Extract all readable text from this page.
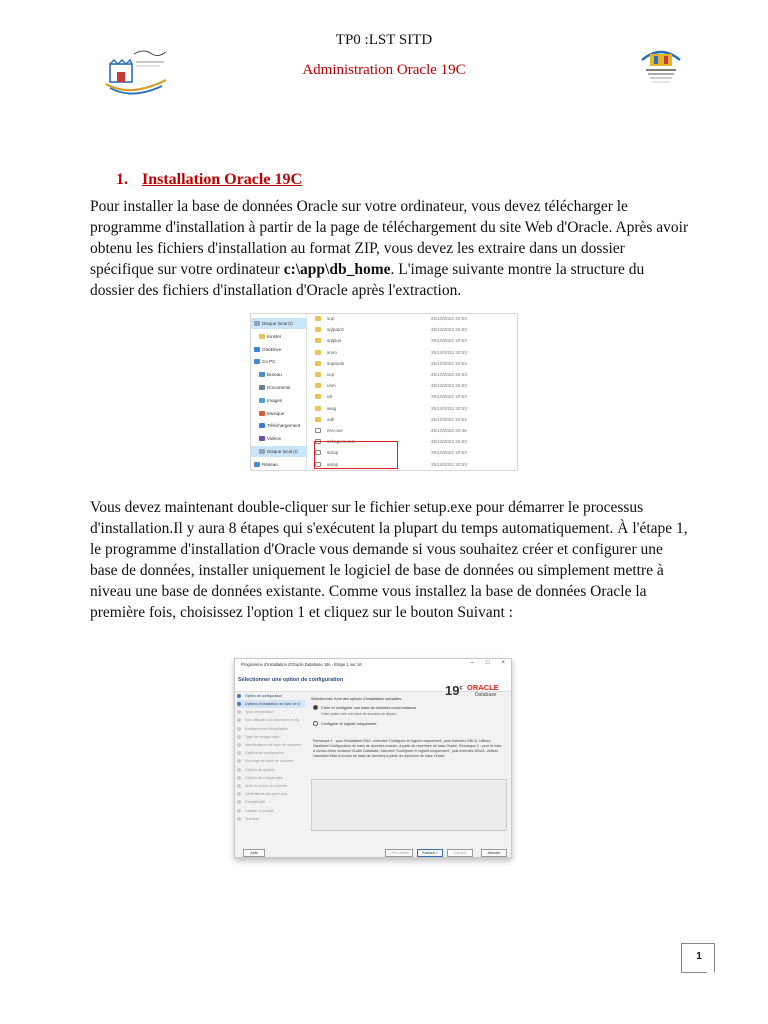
TP0 :LST SITD
Administration Oracle 19C
1. Installation Oracle 19C

Pour installer la base de données Oracle sur votre ordinateur, vous devez télécharger le programme d'installation à partir de la page de téléchargement du site Web d'Oracle. Après avoir obtenu les fichiers d'installation au format ZIP, vous devez les extraire dans un dossier spécifique sur votre ordinateur c:\app\db_home. L'image suivante montre la structure du dossier des fichiers d'installation d'Oracle après l'extraction.

Disque local (C
Kinster
OneDrive
Ce PC
Bureau
Documents
Images
Musique
Téléchargement
Vidéos
Disque local (C
Réseau
sup	25/10/2022 20:53
sqlpatch	25/10/2022 20:53
sqlplus	25/10/2022 20:53
srvm	25/10/2022 20:53
suptools	25/10/2022 20:53
ucp	25/10/2022 20:53
usm	25/10/2022 20:53
utl	25/10/2022 20:53
wwg	25/10/2022 20:53
xdk	25/10/2022 20:54
env.ove	25/10/2022 20:46
schagent.com	25/10/2022 20:53
setup	25/10/2022 20:53
setup	25/10/2022 20:53

Vous devez maintenant double-cliquer sur le fichier setup.exe pour démarrer le processus d'installation.Il y aura 8 étapes qui s'exécutent la plupart du temps automatiquement. À l'étape 1, le programme d'installation d'Oracle vous demande si vous souhaitez créer et configurer une base de données, installer uniquement le logiciel de base de données ou simplement mettre à niveau une base de données existante. Comme vous installez la base de données Oracle la première fois, choisissez l'option 1 et cliquez sur le bouton Suivant :

Programme d'installation d'Oracle Database 19c - Etape 1 sur 16	– □ ×
Sélectionner une option de configuration
19$^c$ ORACLE
Database
Option de configuration
Options d'installation de base de d
Type d'installation
Non utilisateur du répertoire d'orig
Emplacement d'installation
Type de configuration
Identificateurs de base de données
Options de configuration
Stockage de base de données
Options de gestion
Options de récupération
Mots de passe de schéma
Vérifications des prérequis
Récapitulatif
Installer le produit
Terminer
Sélectionnez l'une des options d'installation suivantes.
Créer et configurer une base de données mono-instance
Cette option crée une base de données de départ.
Configurer le logiciel uniquement
Remarque 1 : pour l'installation RAC, exécutez 'Configurer le logiciel uniquement', puis exécutez DBCA. Utilisez l'assistant Configuration de base de données ensuite, à partir du répertoire de base Oracle. Remarque 2 : pour la mise à niveau d'une instance Oracle Database, exécutez 'Configurer le logiciel uniquement', puis exécutez DBUA. Utilisez l'assistant Mise à niveau de base de données à partir du répertoire de base Oracle.
Aide	< Précédent	Suivant >	Installer	Annuler
1
